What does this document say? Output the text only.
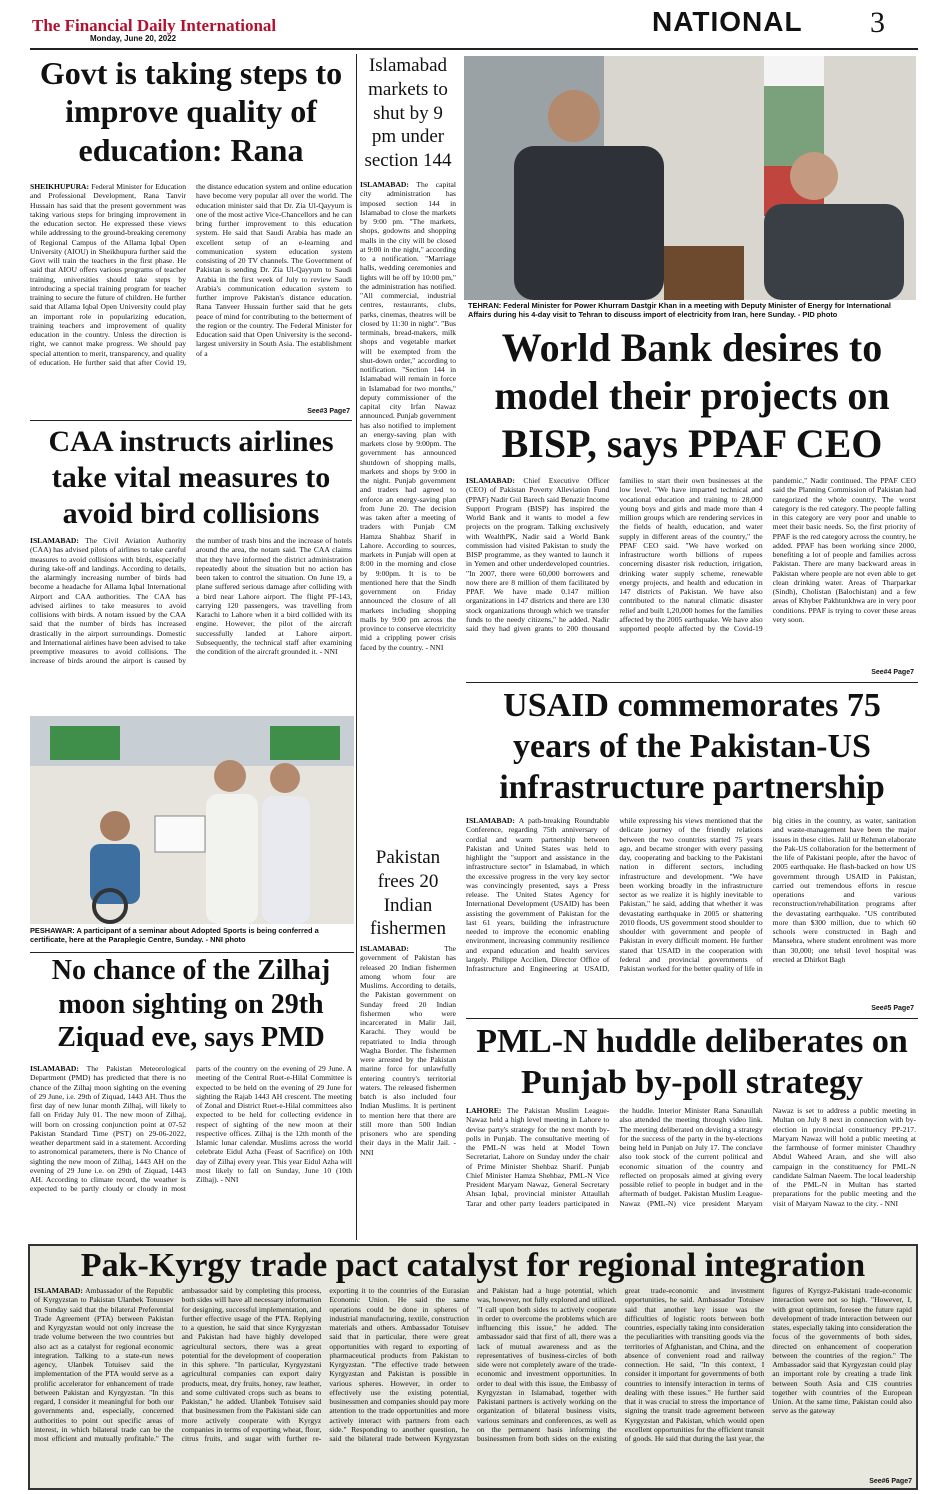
The Financial Daily International
Monday, June 20, 2022
NATIONAL 3
Govt is taking steps to improve quality of education: Rana
SHEIKHUPURA: Federal Minister for Education and Professional Development, Rana Tanvir Hussain has said that the present government was taking various steps for bringing improvement in the education sector. He expressed these views while addressing to the ground-breaking ceremony of Regional Campus of the Allama Iqbal Open University (AIOU) in Sheikhupura further said the Govt will train the teachers in the first phase. He said that AIOU offers various programs of teacher training, universities should take steps by introducing a special training program for teacher training to secure the future of children. He further said that Allama Iqbal Open University could play an important role in popularizing education, training teachers and improvement of quality education in the country. Unless the direction is right, we cannot make progress. We should pay special attention to merit, transparency, and quality of education. He further said that after Covid 19, the distance education system and online education have become very popular all over the world. The education minister said that Dr. Zia Ul-Qayyum is one of the most active Vice-Chancellors and he can bring further improvement to this education system. He said that Saudi Arabia has made an excellent setup of an e-learning and communication system education system consisting of 20 TV channels. The Government of Pakistan is sending Dr. Zia Ul-Qayyum to Saudi Arabia in the first week of July to review Saudi Arabia's communication education system to further improve Pakistan's distance education. Rana Tanveer Hussain further said that he gets peace of mind for contributing to the betterment of the region or the country. The Federal Minister for Education said that Open University is the second-largest university in South Asia. The establishment of a
See#3 Page7
Islamabad markets to shut by 9 pm under section 144
ISLAMABAD: The capital city administration has imposed section 144 in Islamabad to close the markets by 9:00 pm. "The markets, shops, godowns and shopping malls in the city will be closed at 9:00 in the night," according to a notification. "Marriage halls, wedding ceremonies and lights will be off by 10:00 pm," the administration has notified. "All commercial, industrial centres, restaurants, clubs, parks, cinemas, theatres will be closed by 11:30 in night". "Bus terminals, bread-makers, milk shops and vegetable market will be exempted from the shut-down order," according to notification. "Section 144 in Islamabad will remain in force in Islamabad for two months," deputy commissioner of the capital city Irfan Nawaz announced. Punjab government has also notified to implement an energy-saving plan with markets close by 9:00pm. The government has announced shutdown of shopping malls, markets and shops by 9:00 in the night. Punjab government and traders had agreed to enforce an energy-saving plan from June 20. The decision was taken after a meeting of traders with Punjab CM Hamza Shahbaz Sharif in Lahore. According to sources, markets in Punjab will open at 8:00 in the morning and close by 9:00pm. It is to be mentioned here that the Sindh government on Friday announced the closure of all markets including shopping malls by 9:00 pm across the province to conserve electricity mid a crippling power crisis faced by the country. - NNI
TEHRAN: Federal Minister for Power Khurram Dastgir Khan in a meeting with Deputy Minister of Energy for International Affairs during his 4-day visit to Tehran to discuss import of electricity from Iran, here Sunday. - PID photo
World Bank desires to model their projects on BISP, says PPAF CEO
ISLAMABAD: Chief Executive Officer (CEO) of Pakistan Poverty Alleviation Fund (PPAF) Nadir Gul Barech said Benazir Income Support Program (BISP) has inspired the World Bank and it wants to model a few projects on the program. Talking exclusively with WealthPK, Nadir said a World Bank commission had visited Pakistan to study the BISP programme, as they wanted to launch it in Yemen and other underdeveloped countries. "In 2007, there were 60,000 borrowers and now there are 8 million of them facilitated by PPAF. We have made 0.147 million organizations in 147 districts and there are 130 stock organizations through which we transfer funds to the needy citizens," he added. Nadir said they had given grants to 200 thousand families to start their own businesses at the low level. "We have imparted technical and vocational education and training to 28,000 young boys and girls and made more than 4 million groups which are rendering services in the fields of health, education, and water supply in different areas of the country," the PPAF CEO said. "We have worked on infrastructure worth billions of rupees concerning disaster risk reduction, irrigation, drinking water supply scheme, renewable energy projects, and health and education in 147 districts of Pakistan. We have also contributed to the natural climatic disaster relief and built 1,20,000 homes for the families affected by the 2005 earthquake. We have also supported people affected by the Covid-19 pandemic," Nadir continued. The PPAF CEO said the Planning Commission of Pakistan had categorized the whole country. The worst category is the red category. The people falling in this category are very poor and unable to meet their basic needs. So, the first priority of PPAF is the red category across the country, he added. PPAF has been working since 2000, benefiting a lot of people and families across Pakistan. There are many backward areas in Pakistan where people are not even able to get clean drinking water. Areas of Tharparkar (Sindh), Cholistan (Balochistan) and a few areas of Khyber Pakhtunkhwa are in very poor conditions. PPAF is trying to cover these areas very soon.
See#4 Page7
CAA instructs airlines take vital measures to avoid bird collisions
ISLAMABAD: The Civil Aviation Authority (CAA) has advised pilots of airlines to take careful measures to avoid collisions with birds, especially during take-off and landings. According to details, the alarmingly increasing number of birds had become a headache for Allama Iqbal International Airport and CAA authorities. The CAA has advised airlines to take measures to avoid collisions with birds. A notam issued by the CAA said that the number of birds has increased drastically in the airport surroundings. Domestic and International airlines have been advised to take preemptive measures to avoid collisions. The increase of birds around the airport is caused by the number of trash bins and the increase of hotels around the area, the notam said. The CAA claims that they have informed the district administration repeatedly about the situation but no action has been taken to control the situation. On June 19, a plane suffered serious damage after colliding with a bird near Lahore airport. The flight PF-143, carrying 120 passengers, was travelling from Karachi to Lahore when it a bird collided with its engine. However, the pilot of the aircraft successfully landed at Lahore airport. Subsequently, the technical staff after examining the condition of the aircraft grounded it. - NNI
PESHAWAR: A participant of a seminar about Adopted Sports is being conferred a certificate, here at the Paraplegic Centre, Sunday. - NNI photo
USAID commemorates 75 years of the Pakistan-US infrastructure partnership
ISLAMABAD: A path-breaking Roundtable Conference, regarding 75th anniversary of cordial and warm partnership between Pakistan and United States was held to highlight the "support and assistance in the infrastructure sector" in Islamabad, in which the excessive progress in the very key sector was convincingly presented, says a Press release. The United States Agency for International Development (USAID) has been assisting the government of Pakistan for the last 61 years, building the infrastructure needed to improve the economic enabling environment, increasing community resilience and expand education and health services largely. Philippe Accilien, Director Office of Infrastructure and Engineering at USAID, while expressing his views mentioned that the delicate journey of the friendly relations between the two countries started 75 years ago, and became stronger with every passing day, cooperating and backing to the Pakistani nation in different sectors, including infrastructure and development. "We have been working broadly in the infrastructure sector as we realize it is highly inevitable to Pakistan," he said, adding that whether it was devastating earthquake in 2005 or shattering 2010 floods, US government stood shoulder to shoulder with government and people of Pakistan in every difficult moment. He further stated that USAID in the cooperation with federal and provincial governments of Pakistan worked for the better quality of life in big cities in the country, as water, sanitation and waste-management have been the major issues in these cities. Jalil ur Rehman elaborate the Pak-US collaboration for the betterment of the life of Pakistani people, after the havoc of 2005 earthquake. He flash-backed on how US government through USAID in Pakistan, carried out tremendous efforts in rescue operations and various reconstruction/rehabilitation programs after the devastating earthquake. "US contributed more than $300 million, due to which 60 schools were constructed in Bagh and Mansehra, where student enrolment was more than 30,000; one tehsil level hospital was erected at Dhirkot Bagh
See#5 Page7
Pakistan frees 20 Indian fishermen
ISLAMABAD:	The government of Pakistan has released 20 Indian fishermen among whom four are Muslims. According to details, the Pakistan government on Sunday freed 20 Indian fishermen who were incarcerated in Malir Jail, Karachi. They would be repatriated to India through Wagha Border. The fishermen were arrested by the Pakistan marine force for unlawfully entering country's territorial waters. The released fishermen batch is also included four Indian Muslims. It is pertinent to mention here that there are still more than 500 Indian prisoners who are spending their days in the Malir Jail. - NNI
No chance of the Zilhaj moon sighting on 29th Ziquad eve, says PMD
ISLAMABAD: The Pakistan Meteorological Department (PMD) has predicted that there is no chance of the Zilhaj moon sighting on the evening of 29 June, i.e. 29th of Ziquad, 1443 AH. Thus the first day of new lunar month Zilhaj, will likely to fall on Friday July 01. The new moon of Zilhaj, will born on crossing conjunction point at 07-52 Pakistan Standard Time (PST) on 29-06-2022, weather department said in a statement. According to astronomical parameters, there is No Chance of sighting the new moon of Zilhaj, 1443 AH on the evening of 29 June i.e. on 29th of Ziquad, 1443 AH. According to climate record, the weather is expected to be partly cloudy or cloudy in most parts of the country on the evening of 29 June. A meeting of the Central Ruet-e-Hilal Committee is expected to be held on the evening of 29 June for sighting the Rajab 1443 AH crescent. The meeting of Zonal and District Ruet-e-Hilal committees also expected to be held for collecting evidence in respect of sighting of the new moon at their respective offices. Zilhaj is the 12th month of the Islamic lunar calendar. Muslims across the world celebrate Eidul Azha (Feast of Sacrifice) on 10th day of Zilhaj every year. This year Eidul Azha will most likely to fall on Sunday, June 10 (10th Zilhaj). - NNI
PML-N huddle deliberates on Punjab by-poll strategy
LAHORE: The Pakistan Muslim League-Nawaz held a high level meeting in Lahore to devise party's strategy for the next month by-polls in Punjab. The consultative meeting of the PML-N was held at Model Town Secretariat, Lahore on Sunday under the chair of Prime Minister Shehbaz Sharif. Punjab Chief Minister Hamza Shehbaz, PML-N Vice President Maryam Nawaz, General Secretary Ahsan Iqbal, provincial minister Attaullah Tarar and other party leaders participated in the huddle. Interior Minister Rana Sanaullah also attended the meeting through video link. The meeting deliberated on devising a strategy for the success of the party in the by-elections being held in Punjab on July 17. The conclave also took stock of the current political and economic situation of the country and reflected on proposals aimed at giving every possible relief to people in budget and in the aftermath of budget. Pakistan Muslim League-Nawaz (PML-N) vice president Maryam Nawaz is set to address a public meeting in Multan on July 8 next in connection with by-election in provincial constituency PP-217. Maryam Nawaz will hold a public meeting at the farmhouse of former minister Chaudhry Abdul Waheed Araın, and she will also campaign in the constituency for PML-N candidate Salman Naeem. The local leadership of the PML-N in Multan has started preparations for the public meeting and the visit of Maryam Nawaz to the city. - NNI
Pak-Kyrgy trade pact catalyst for regional integration
ISLAMABAD: Ambassador of the Republic of Kyrgyzstan to Pakistan Ulanbek Totuusev on Sunday said that the bilateral Preferential Trade Agreement (PTA) between Pakistan and Kyrgyzstan would not only increase the trade volume between the two countries but also act as a catalyst for regional economic integration. Talking to a state-run news agency, Ulanbek Totuisev said the implementation of the PTA would serve as a prolific accelerator for enhancement of trade between Pakistan and Kyrgyzstan. "In this regard, I consider it meaningful for both our governments and, especially, concerned authorities to point out specific areas of interest, in which bilateral trade can be the most efficient and mutually profitable." The ambassador said by completing this process, both sides will have all necessary information for designing, successful implementation, and further effective usage of the PTA. Replying to a question, he said that since Kyrgyzstan and Pakistan had have highly developed agricultural sectors, there was a great potential for the development of cooperation in this sphere. "In particular, Kyrgyzstani agricultural companies can export dairy products, meat, dry fruits, honey, raw leather, and some cultivated crops such as beans to Pakistan," he added. Ulanbek Totuisev said that businessmen from the Pakistani side can more actively cooperate with Kyrgyz companies in terms of exporting wheat, flour, citrus fruits, and sugar with further re-exporting it to the countries of the Eurasian Economic Union. He said the same operations could be done in spheres of industrial manufacturing, textile, construction materials and others. Ambassador Totuisev said that in particular, there were great opportunities with regard to exporting of pharmaceutical products from Pakistan to Kyrgyzstan. "The effective trade between Kyrgyzstan and Pakistan is possible in various spheres. However, in order to effectively use the existing potential, businessmen and companies should pay more attention to the trade opportunities and more actively interact with partners from each side." Responding to another question, he said the bilateral trade between Kyrgyzstan and Pakistan had a huge potential, which was, however, not fully explored and utilized. "I call upon both sides to actively cooperate in order to overcome the problems which are influencing this issue," he added. The ambassador said that first of all, there was a lack of mutual awareness and as the representatives of business-circles of both side were not completely aware of the trade-economic and investment opportunities. In order to deal with this issue, the Embassy of Kyrgyzstan in Islamabad, together with Pakistani partners is actively working on the organization of bilateral business visits, various seminars and conferences, as well as on the permanent basis informing the businessmen from both sides on the existing great trade-economic and investment opportunities, he said. Ambassador Totuisev said that another key issue was the difficulties of logistic roots between both countries, especially taking into consideration the peculiarities with transiting goods via the territories of Afghanistan, and China, and the absence of convenient road and railway connection. He said, "In this context, I consider it important for governments of both countries to intensify interaction in terms of dealing with these issues." He further said that it was crucial to stress the importance of signing the transit trade agreement between Kyrgyzstan and Pakistan, which would open excellent opportunities for the efficient transit of goods. He said that during the last year, the figures of Kyrgyz-Pakistani trade-economic interaction were not so high. "However, I, with great optimism, foresee the future rapid development of trade interaction between our states, especially taking into consideration the focus of the governments of both sides, directed on enhancement of cooperation between the countries of the region." The Ambassador said that Kyrgyzstan could play an important role by creating a trade link between South Asia and CIS countries together with countries of the European Union. At the same time, Pakistan could also serve as the gateway
See#6 Page7
